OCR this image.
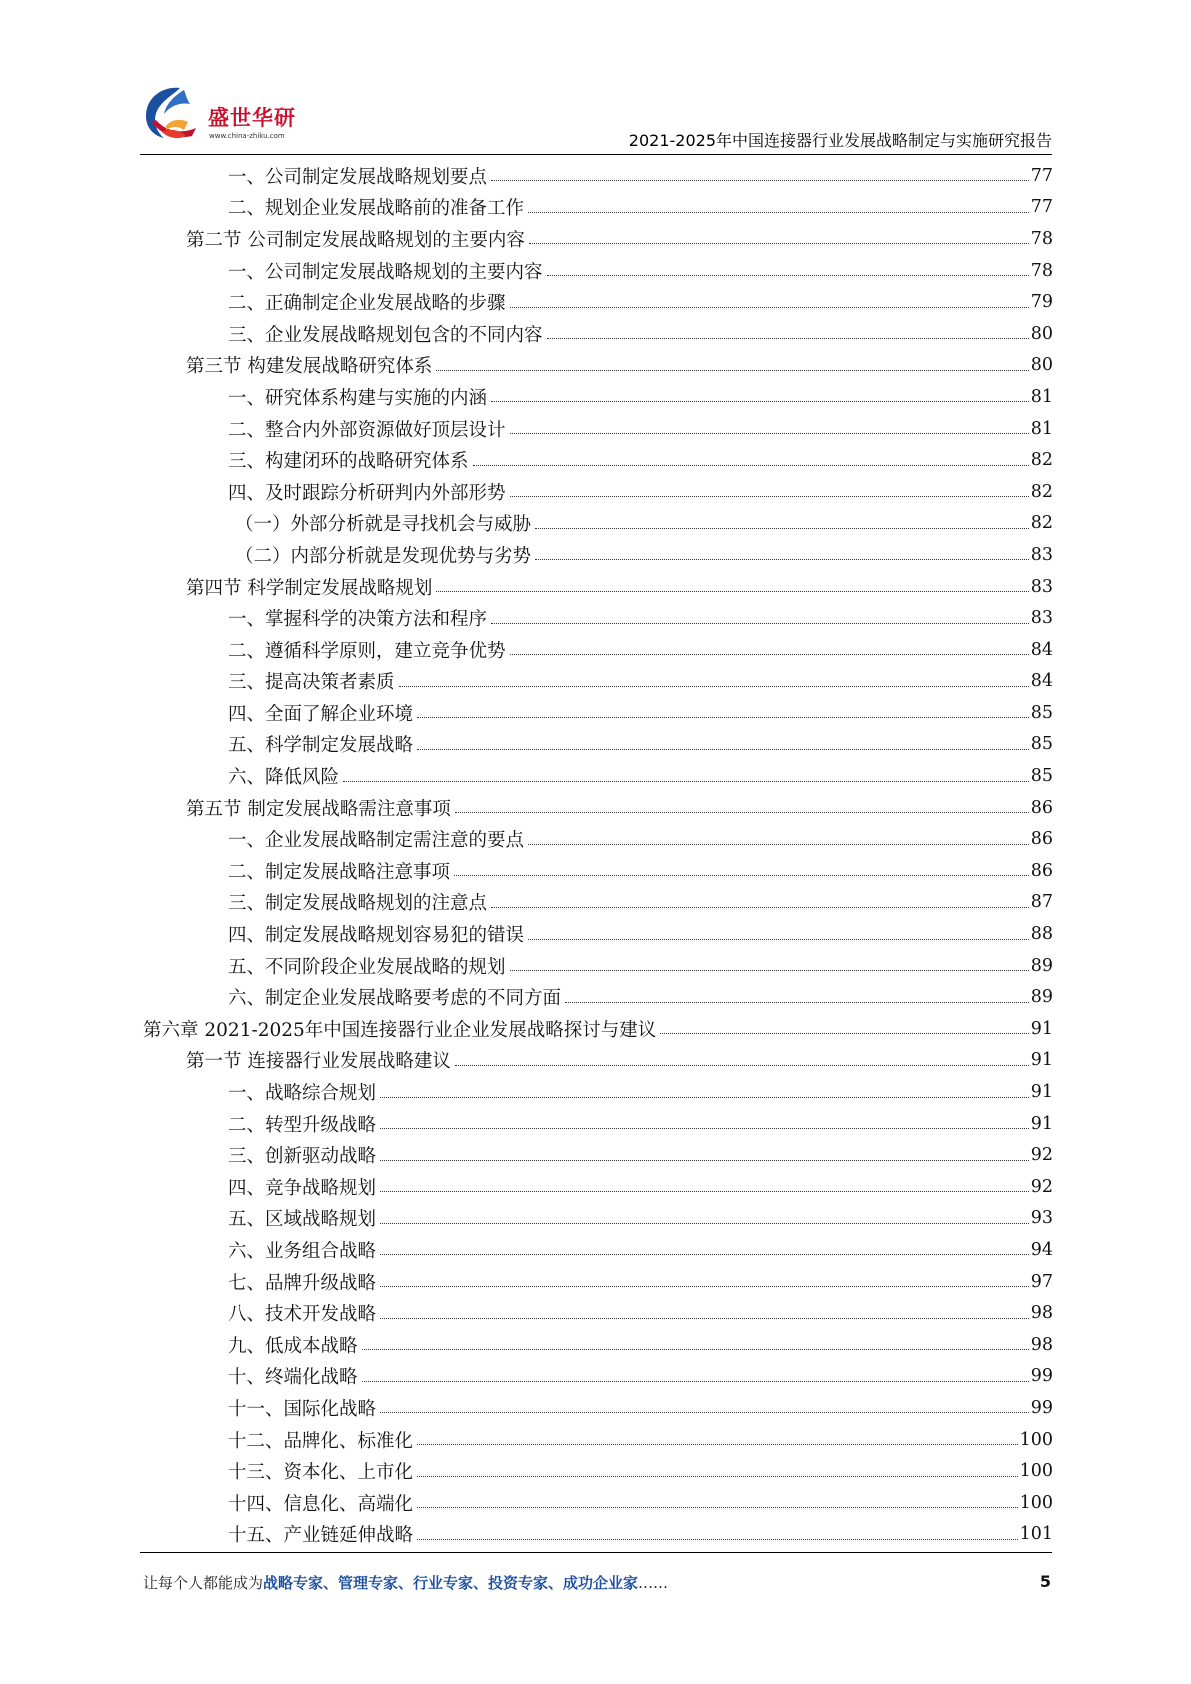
盛世华研
www.china-zhiku.com	2021-2025年中国连接器行业发展战略制定与实施研究报告
一、公司制定发展战略规划要点	77
二、规划企业发展战略前的准备工作	77
第二节 公司制定发展战略规划的主要内容	78
一、公司制定发展战略规划的主要内容	78
二、正确制定企业发展战略的步骤	79
三、企业发展战略规划包含的不同内容	80
第三节 构建发展战略研究体系	80
一、研究体系构建与实施的内涵	81
二、整合内外部资源做好顶层设计	81
三、构建闭环的战略研究体系	82
四、及时跟踪分析研判内外部形势	82
（一）外部分析就是寻找机会与威胁	82
（二）内部分析就是发现优势与劣势	83
第四节 科学制定发展战略规划	83
一、掌握科学的决策方法和程序	83
二、遵循科学原则，建立竞争优势	84
三、提高决策者素质	84
四、全面了解企业环境	85
五、科学制定发展战略	85
六、降低风险	85
第五节 制定发展战略需注意事项	86
一、企业发展战略制定需注意的要点	86
二、制定发展战略注意事项	86
三、制定发展战略规划的注意点	87
四、制定发展战略规划容易犯的错误	88
五、不同阶段企业发展战略的规划	89
六、制定企业发展战略要考虑的不同方面	89
第六章 2021-2025年中国连接器行业企业发展战略探讨与建议	91
第一节 连接器行业发展战略建议	91
一、战略综合规划	91
二、转型升级战略	91
三、创新驱动战略	92
四、竞争战略规划	92
五、区域战略规划	93
六、业务组合战略	94
七、品牌升级战略	97
八、技术开发战略	98
九、低成本战略	98
十、终端化战略	99
十一、国际化战略	99
十二、品牌化、标准化	100
十三、资本化、上市化	100
十四、信息化、高端化	100
十五、产业链延伸战略	101
让每个人都能成为战略专家、管理专家、行业专家、投资专家、成功企业家……	5
